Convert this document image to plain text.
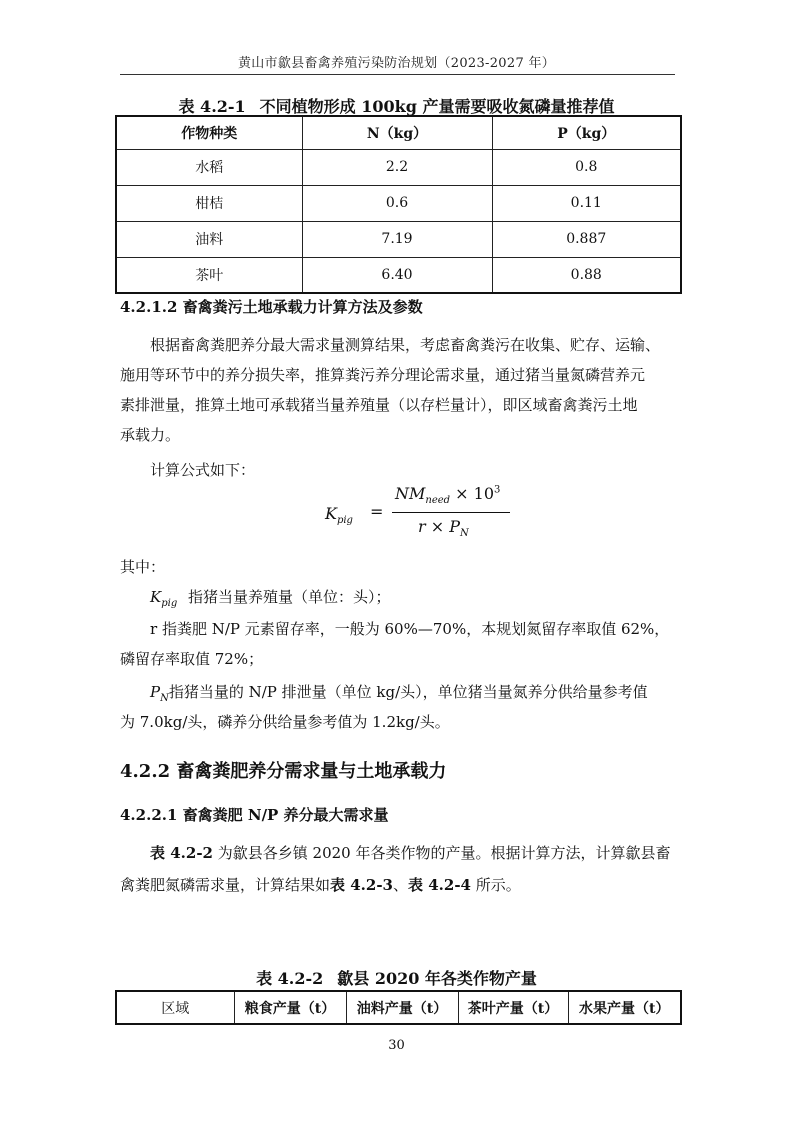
黄山市歙县畜禽养殖污染防治规划（2023-2027 年）
表 4.2-1 不同植物形成 100kg 产量需要吸收氮磷量推荐值
作物种类	N（kg）	P（kg）
水稻	2.2	0.8
柑桔	0.6	0.11
油料	7.19	0.887
茶叶	6.40	0.88
4.2.1.2 畜禽粪污土地承载力计算方法及参数
根据畜禽粪肥养分最大需求量测算结果，考虑畜禽粪污在收集、贮存、运输、
施用等环节中的养分损失率，推算粪污养分理论需求量，通过猪当量氮磷营养元
素排泄量，推算土地可承载猪当量养殖量（以存栏量计），即区域畜禽粪污土地
承载力。
计算公式如下：
$K_{pig}$ =
$NM_{need} \times 10^3$
$r \times P_N$
其中：
$K_{pig}$ 指猪当量养殖量（单位：头）；
r 指粪肥 N/P 元素留存率，一般为 60%—70%，本规划氮留存率取值 62%，
磷留存率取值 72%；
$P_N$指猪当量的 N/P 排泄量（单位 kg/头），单位猪当量氮养分供给量参考值
为 7.0kg/头，磷养分供给量参考值为 1.2kg/头。
4.2.2 畜禽粪肥养分需求量与土地承载力
4.2.2.1 畜禽粪肥 N/P 养分最大需求量
表 4.2-2 为歙县各乡镇 2020 年各类作物的产量。根据计算方法，计算歙县畜
禽粪肥氮磷需求量，计算结果如表 4.2-3、表 4.2-4 所示。
表 4.2-2 歙县 2020 年各类作物产量
区域	粮食产量（t）	油料产量（t）	茶叶产量（t）	水果产量（t）
30
